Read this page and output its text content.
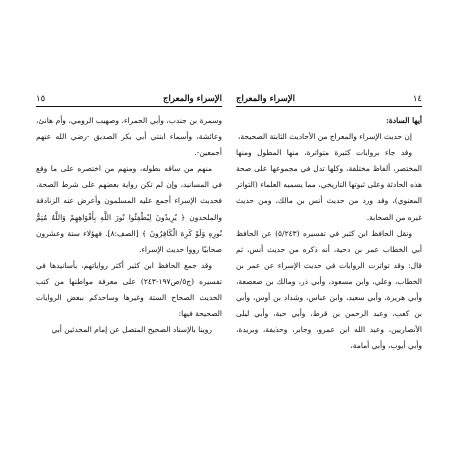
الإسراء والمعراج
١٥

وسمرة بن جندب، وأبي الحمراء، وصهيب الرومي، وأم هانئ، وعائشة، وأسماء ابنتي أبي بكر الصديق -رضي الله عنهم أجمعين-.

منهم من ساقه بطوله، ومنهم من اختصره على ما وقع في المسانيد، وإن لم تكن رواية بعضهم على شرط الصحة، فحديث الإسراء أجمع عليه المسلمون وأعرض عنه الزنادقة والملحدون ﴿ يُرِيدُونَ لِيُطْفِئُوا نُورَ اللَّهِ بِأَفْوَاهِهِمْ وَاللَّهُ مُتِمُّ نُورِهِ وَلَوْ كَرِهَ الْكَافِرُونَ ﴾ [الصف:٨]. فهؤلاء ستة وعشرون صحابيًا رووا حديث الإسراء.

وقد جمع الحافظ ابن كثير أكثر رواياتهم، بأسانيدها في تفسيره (ج٥/ص١٩٧-٢٤٣) على معرفة مواطنها من كتب الحديث الصحاح الستة وغيرها وساحدكم ببعض الروايات الصحيحة فيها:

روينا بالإسناد الصحيح المتصل عن إمام المحدثين أبي

١٤
الإسراء والمعراج

أيها السادة:

إن حديث الإسراء والمعراج من الأحاديث الثابتة الصحيحة،

وقد جاء بروايات كثيرة متواترة، منها المطول ومنها المختصر، ألفاظ مختلفة، وكلها تدل في مجموعها على صحة هذه الحادثة وعلى ثبوتها التاريخي، مما يسميه العلماء (التواتر المعنوي)، وقد ورد من حديث أنس بن مالك، ومن حديث غيره من الصحابة.

ونقل الحافظ ابن كثير في تفسيره (٥/٢٤٣) عن الحافظ أبي الخطاب عمر بن دحية، أنه ذكره من حديث أنس، ثم قال: وقد تواترت الروايات في حديث الإسراء عن عمر بن الخطاب، وعلي، وابن مسعود، وأبي ذر، ومالك بن صعصعة، وأبي هريرة، وأبي سعيد، وابن عباس، وشداد بن أوس، وأبي بن كعب، وعبد الرحمن بن قرط، وأبي حبة، وأبي ليلى الأنصاريين، وعبد الله ابن عمرو، وجابر، وحذيفة، وبريدة، وأبي أيوب، وأبي أمامة،
